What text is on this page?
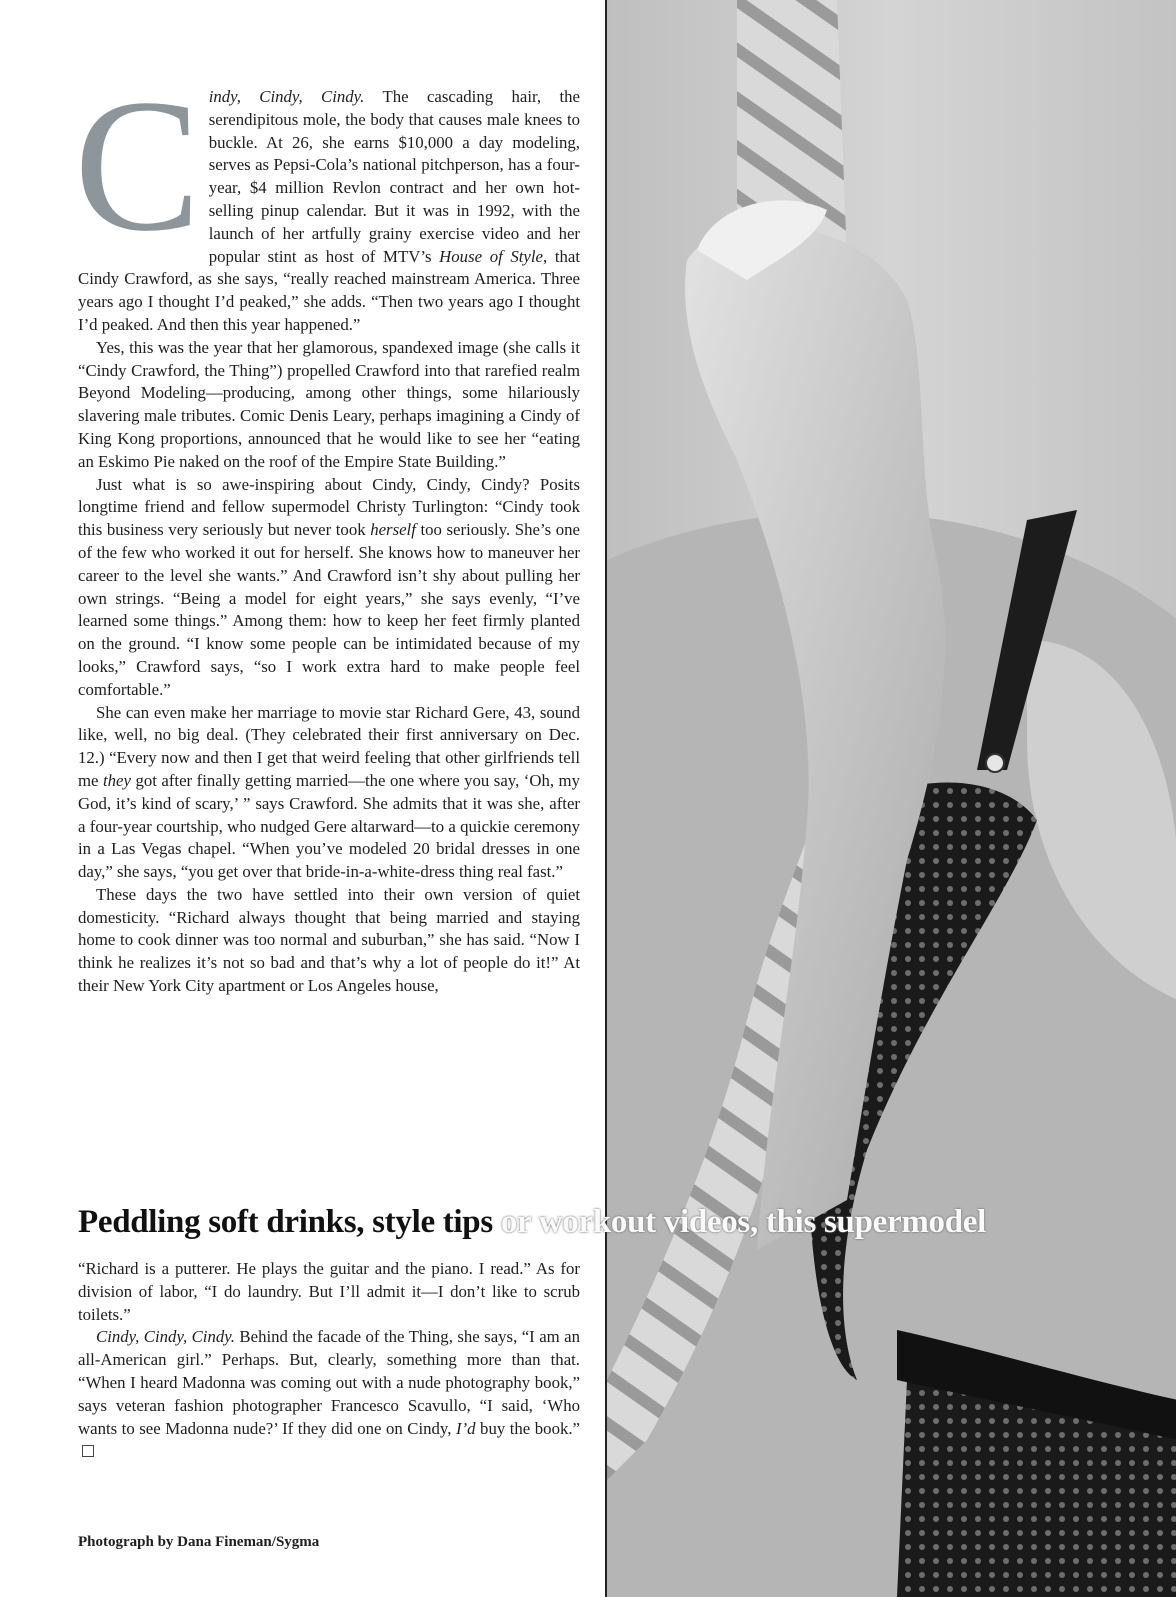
Cindy, Cindy, Cindy. The cascading hair, the serendipitous mole, the body that causes male knees to buckle. At 26, she earns $10,000 a day modeling, serves as Pepsi-Cola’s national pitchperson, has a four-year, $4 million Revlon contract and her own hot-selling pinup calendar. But it was in 1992, with the launch of her artfully grainy exercise video and her popular stint as host of MTV’s House of Style, that Cindy Crawford, as she says, “really reached mainstream America. Three years ago I thought I’d peaked,” she adds. “Then two years ago I thought I’d peaked. And then this year happened.”

Yes, this was the year that her glamorous, spandexed image (she calls it “Cindy Crawford, the Thing”) propelled Crawford into that rarefied realm Beyond Modeling—producing, among other things, some hilariously slavering male tributes. Comic Denis Leary, perhaps imagining a Cindy of King Kong proportions, announced that he would like to see her “eating an Eskimo Pie naked on the roof of the Empire State Building.”

Just what is so awe-inspiring about Cindy, Cindy, Cindy? Posits longtime friend and fellow supermodel Christy Turlington: “Cindy took this business very seriously but never took herself too seriously. She’s one of the few who worked it out for herself. She knows how to maneuver her career to the level she wants.” And Crawford isn’t shy about pulling her own strings. “Being a model for eight years,” she says evenly, “I’ve learned some things.” Among them: how to keep her feet firmly planted on the ground. “I know some people can be intimidated because of my looks,” Crawford says, “so I work extra hard to make people feel comfortable.”

She can even make her marriage to movie star Richard Gere, 43, sound like, well, no big deal. (They celebrated their first anniversary on Dec. 12.) “Every now and then I get that weird feeling that other girlfriends tell me they got after finally getting married—the one where you say, ‘Oh, my God, it’s kind of scary,’ ” says Crawford. She admits that it was she, after a four-year courtship, who nudged Gere altarward—to a quickie ceremony in a Las Vegas chapel. “When you’ve modeled 20 bridal dresses in one day,” she says, “you get over that bride-in-a-white-dress thing real fast.”

These days the two have settled into their own version of quiet domesticity. “Richard always thought that being married and staying home to cook dinner was too normal and suburban,” she has said. “Now I think he realizes it’s not so bad and that’s why a lot of people do it!” At their New York City apartment or Los Angeles house,

Peddling soft drinks, style tips or workout videos, this supermodel

“Richard is a putterer. He plays the guitar and the piano. I read.” As for division of labor, “I do laundry. But I’ll admit it—I don’t like to scrub toilets.”

Cindy, Cindy, Cindy. Behind the facade of the Thing, she says, “I am an all-American girl.” Perhaps. But, clearly, something more than that. “When I heard Madonna was coming out with a nude photography book,” says veteran fashion photographer Francesco Scavullo, “I said, ‘Who wants to see Madonna nude?’ If they did one on Cindy, I’d buy the book.”

Photograph by Dana Fineman/Sygma
